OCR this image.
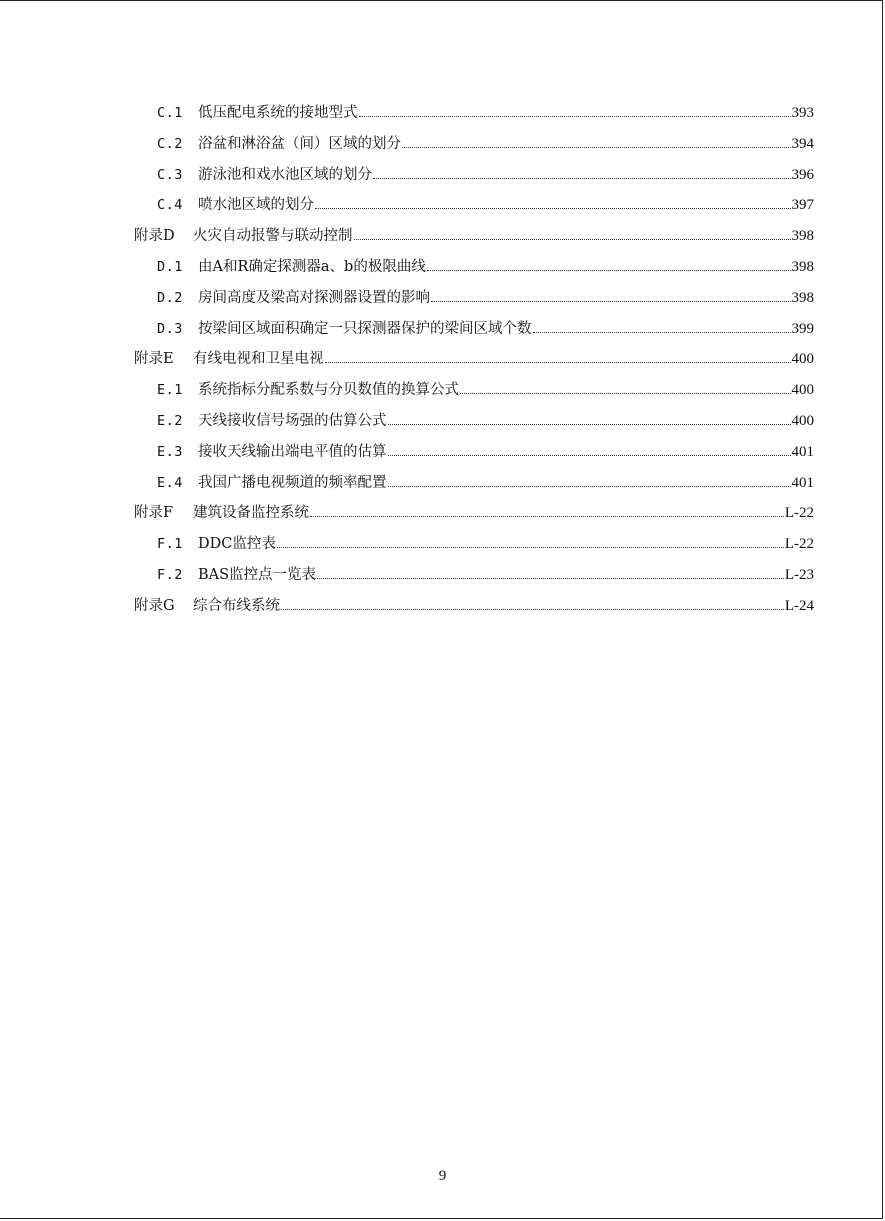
C.1 低压配电系统的接地型式	393
C.2 浴盆和淋浴盆（间）区域的划分	394
C.3 游泳池和戏水池区域的划分	396
C.4 喷水池区域的划分	397
附录D 火灾自动报警与联动控制	398
D.1 由A和R确定探测器a、b的极限曲线	398
D.2 房间高度及梁高对探测器设置的影响	398
D.3 按梁间区域面积确定一只探测器保护的梁间区域个数	399
附录E 有线电视和卫星电视	400
E.1 系统指标分配系数与分贝数值的换算公式	400
E.2 天线接收信号场强的估算公式	400
E.3 接收天线输出端电平值的估算	401
E.4 我国广播电视频道的频率配置	401
附录F 建筑设备监控系统	L-22
F.1 DDC监控表	L-22
F.2 BAS监控点一览表	L-23
附录G 综合布线系统	L-24
9
